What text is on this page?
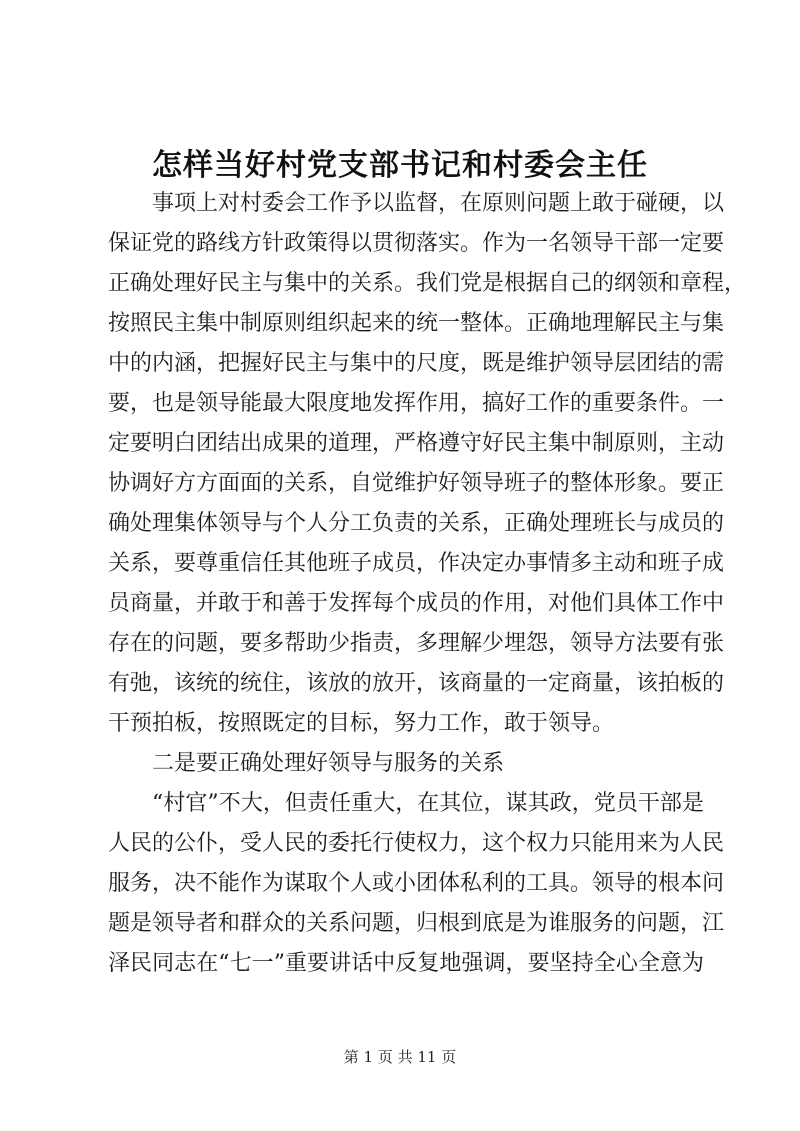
怎样当好村党支部书记和村委会主任
事项上对村委会工作予以监督，在原则问题上敢于碰硬，以
保证党的路线方针政策得以贯彻落实。作为一名领导干部一定要
正确处理好民主与集中的关系。我们党是根据自己的纲领和章程，
按照民主集中制原则组织起来的统一整体。正确地理解民主与集
中的内涵，把握好民主与集中的尺度，既是维护领导层团结的需
要，也是领导能最大限度地发挥作用，搞好工作的重要条件。一
定要明白团结出成果的道理，严格遵守好民主集中制原则，主动
协调好方方面面的关系，自觉维护好领导班子的整体形象。要正
确处理集体领导与个人分工负责的关系，正确处理班长与成员的
关系，要尊重信任其他班子成员，作决定办事情多主动和班子成
员商量，并敢于和善于发挥每个成员的作用，对他们具体工作中
存在的问题，要多帮助少指责，多理解少埋怨，领导方法要有张
有弛，该统的统住，该放的放开，该商量的一定商量，该拍板的
干预拍板，按照既定的目标，努力工作，敢于领导。
二是要正确处理好领导与服务的关系
“村官”不大，但责任重大，在其位，谋其政，党员干部是
人民的公仆，受人民的委托行使权力，这个权力只能用来为人民
服务，决不能作为谋取个人或小团体私利的工具。领导的根本问
题是领导者和群众的关系问题，归根到底是为谁服务的问题，江
泽民同志在“七一”重要讲话中反复地强调，要坚持全心全意为
第 1 页 共 11 页
